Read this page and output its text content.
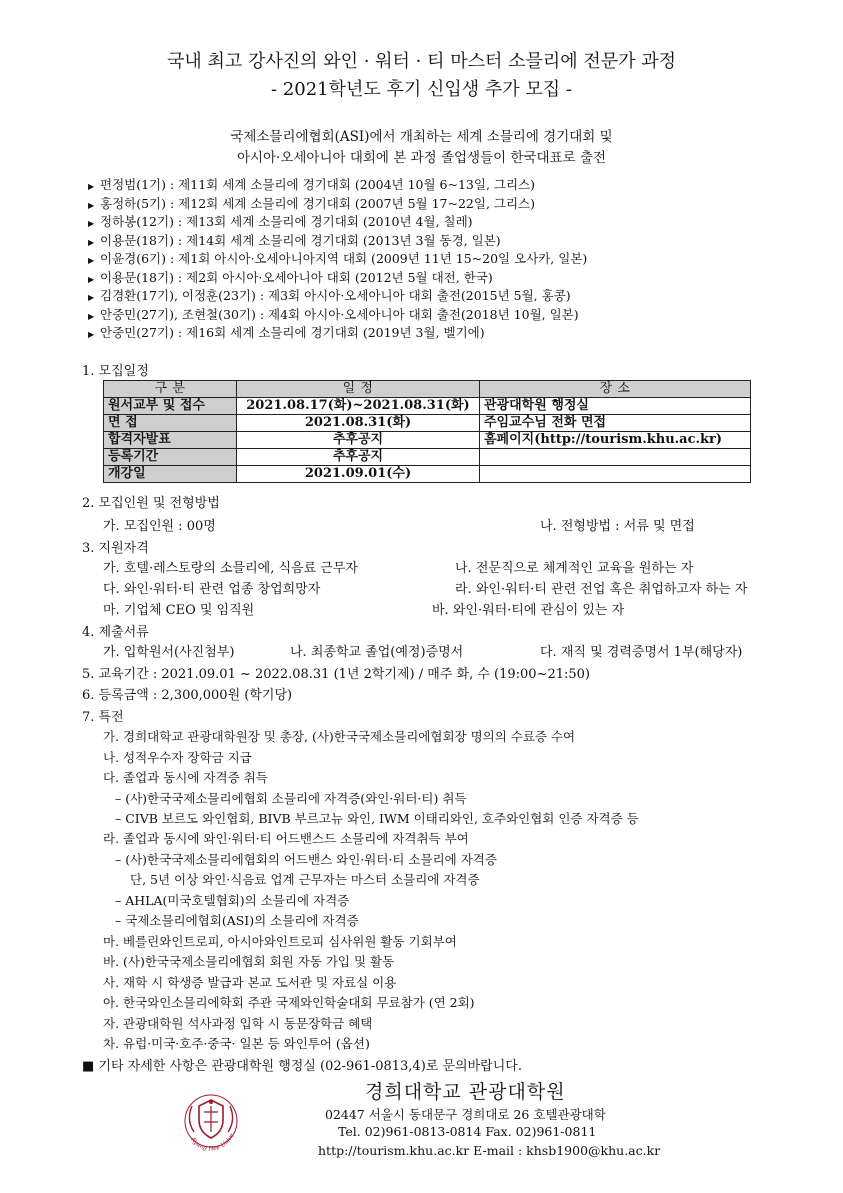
국내 최고 강사진의 와인 · 워터 · 티 마스터 소믈리에 전문가 과정
- 2021학년도 후기 신입생 추가 모집 -
국제소믈리에협회(ASI)에서 개최하는 세계 소믈리에 경기대회 및
아시아·오세아니아 대회에 본 과정 졸업생들이 한국대표로 출전
▶ 편정범(1기) : 제11회 세계 소믈리에 경기대회 (2004년 10월 6~13일, 그리스)
▶ 홍정하(5기) : 제12회 세계 소믈리에 경기대회 (2007년 5월 17~22일, 그리스)
▶ 정하봉(12기) : 제13회 세계 소믈리에 경기대회 (2010년 4월, 칠레)
▶ 이용문(18기) : 제14회 세계 소믈리에 경기대회 (2013년 3월 동경, 일본)
▶ 이윤경(6기) : 제1회 아시아·오세아니아지역 대회 (2009년 11년 15~20일 오사카, 일본)
▶ 이용문(18기) : 제2회 아시아·오세아니아 대회 (2012년 5월 대전, 한국)
▶ 김경환(17기), 이정훈(23기) : 제3회 아시아·오세아니아 대회 출전(2015년 5월, 홍콩)
▶ 안중민(27기), 조현철(30기) : 제4회 아시아·오세아니아 대회 출전(2018년 10월, 일본)
▶ 안중민(27기) : 제16회 세계 소믈리에 경기대회 (2019년 3월, 벨기에)
1. 모집일정
구 분	일 정	장 소
원서교부 및 접수	2021.08.17(화)~2021.08.31(화)	관광대학원 행정실
면 접	2021.08.31(화)	주임교수님 전화 면접
합격자발표	추후공지	홈페이지(http://tourism.khu.ac.kr)
등록기간	추후공지	
개강일	2021.09.01(수)	
2. 모집인원 및 전형방법
가. 모집인원 : 00명	나. 전형방법 : 서류 및 면접
3. 지원자격
가. 호텔·레스토랑의 소믈리에, 식음료 근무자	나. 전문직으로 체계적인 교육을 원하는 자
다. 와인·워터·티 관련 업종 창업희망자	라. 와인·워터·티 관련 전업 혹은 취업하고자 하는 자
마. 기업체 CEO 및 임직원	바. 와인·워터·티에 관심이 있는 자
4. 제출서류
가. 입학원서(사진첨부)	나. 최종학교 졸업(예정)증명서	다. 재직 및 경력증명서 1부(해당자)
5. 교육기간 : 2021.09.01 ~ 2022.08.31 (1년 2학기제) / 매주 화, 수 (19:00~21:50)
6. 등록금액 : 2,300,000원 (학기당)
7. 특전
가. 경희대학교 관광대학원장 및 총장, (사)한국국제소믈리에협회장 명의의 수료증 수여
나. 성적우수자 장학금 지급
다. 졸업과 동시에 자격증 취득
– (사)한국국제소믈리에협회 소믈리에 자격증(와인·워터·티) 취득
– CIVB 보르도 와인협회, BIVB 부르고뉴 와인, IWM 이태리와인, 호주와인협회 인증 자격증 등
라. 졸업과 동시에 와인·워터·티 어드밴스드 소믈리에 자격취득 부여
– (사)한국국제소믈리에협회의 어드밴스 와인·워터·티 소믈리에 자격증
단, 5년 이상 와인·식음료 업계 근무자는 마스터 소믈리에 자격증
– AHLA(미국호텔협회)의 소믈리에 자격증
– 국제소믈리에협회(ASI)의 소믈리에 자격증
마. 베를린와인트로피, 아시아와인트로피 심사위원 활동 기회부여
바. (사)한국국제소믈리에협회 회원 자동 가입 및 활동
사. 재학 시 학생증 발급과 본교 도서관 및 자료실 이용
아. 한국와인소믈리에학회 주관 국제와인학술대회 무료참가 (연 2회)
자. 관광대학원 석사과정 입학 시 동문장학금 혜택
차. 유럽·미국·호주·중국· 일본 등 와인투어 (옵션)
■ 기타 자세한 사항은 관광대학원 행정실 (02-961-0813,4)로 문의바랍니다.
Kyung Hee Unive
경희대학교 관광대학원
02447 서울시 동대문구 경희대로 26 호텔관광대학
Tel. 02)961-0813-0814 Fax. 02)961-0811
http://tourism.khu.ac.kr E-mail : khsb1900@khu.ac.kr
